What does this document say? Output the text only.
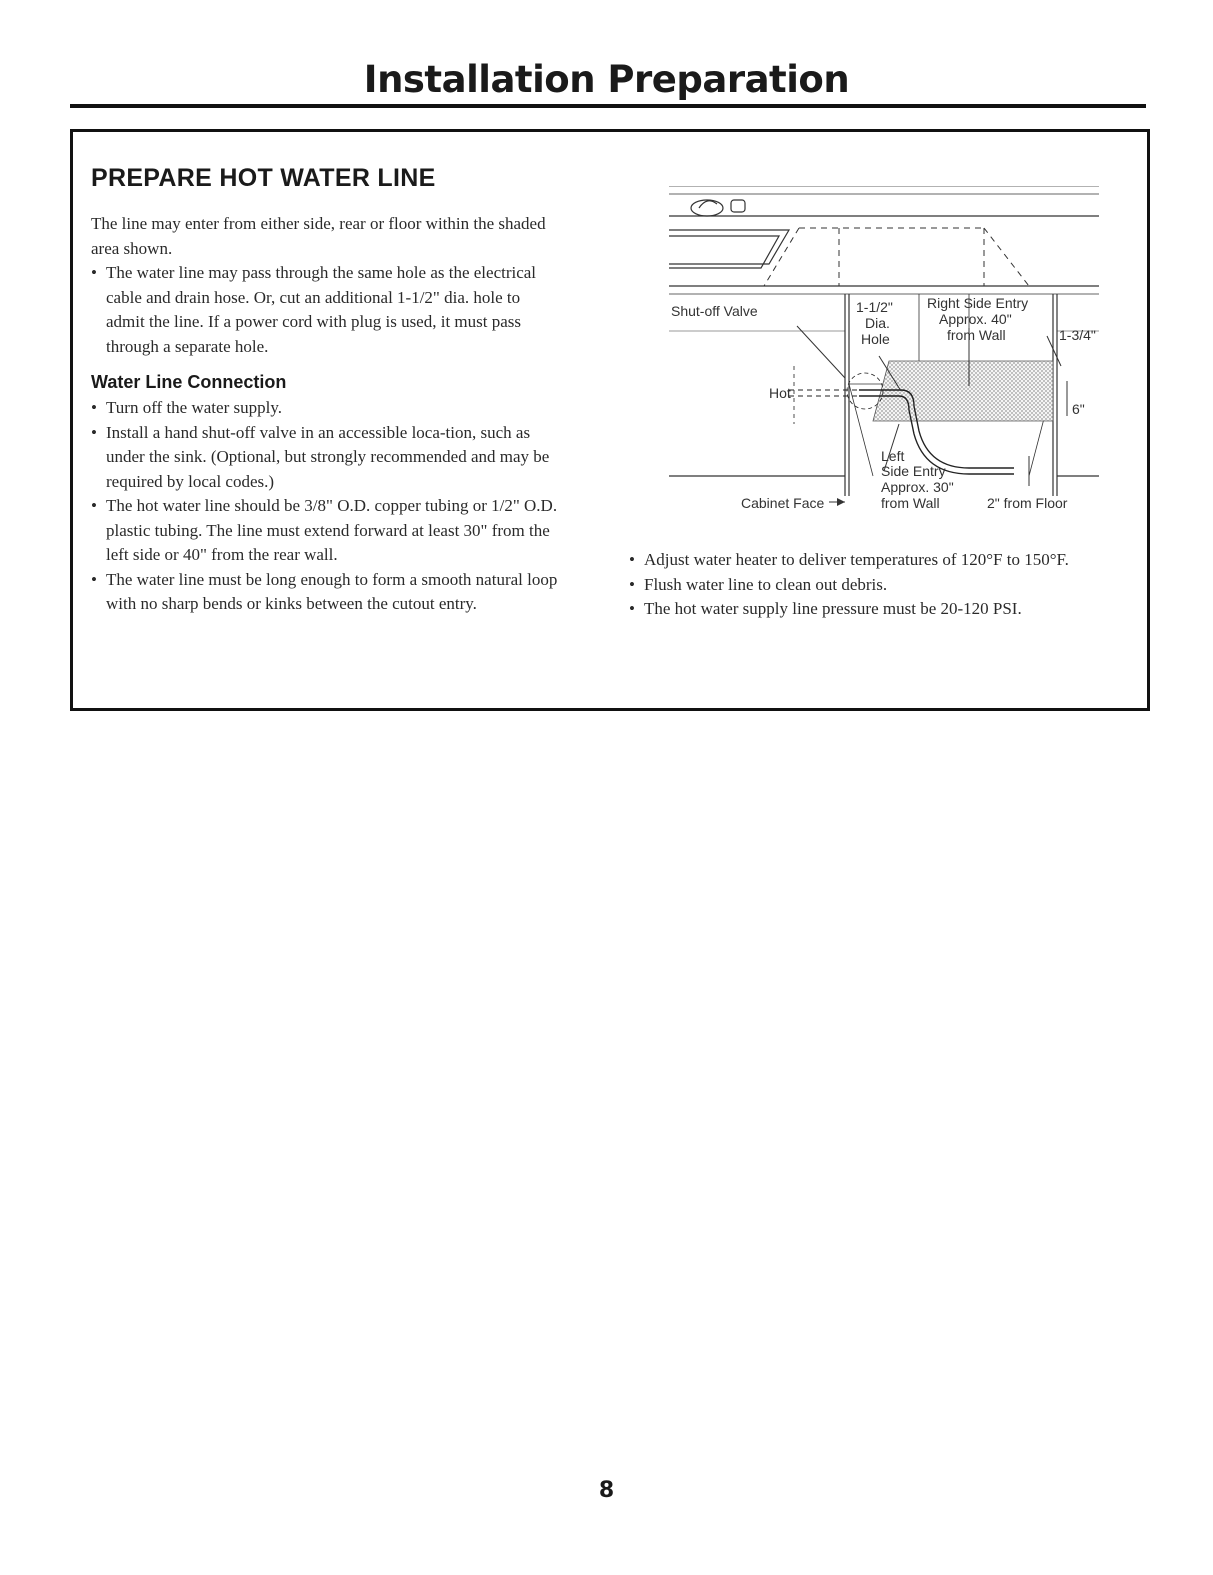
Installation Preparation
PREPARE HOT WATER LINE

The line may enter from either side, rear or floor within the shaded area shown.

• The water line may pass through the same hole as the electrical cable and drain hose. Or, cut an additional 1-1/2" dia. hole to admit the line. If a power cord with plug is used, it must pass through a separate hole.
Water Line Connection
• Turn off the water supply.
• Install a hand shut-off valve in an accessible loca-tion, such as under the sink. (Optional, but strongly recommended and may be required by local codes.)
• The hot water line should be 3/8" O.D. copper tubing or 1/2" O.D. plastic tubing. The line must extend forward at least 30" from the left side or 40" from the rear wall.
• The water line must be long enough to form a smooth natural loop with no sharp bends or kinks between the cutout entry.
Shut-off Valve	1-1/2"
Dia.
Hole
Right Side Entry
Approx. 40"
from Wall	1-3/4"
Hot
6"
Left
Side Entry
Approx. 30"
from Wall
Cabinet Face	2" from Floor
• Adjust water heater to deliver temperatures of 120°F to 150°F.
• Flush water line to clean out debris.
• The hot water supply line pressure must be 20-120 PSI.
8
